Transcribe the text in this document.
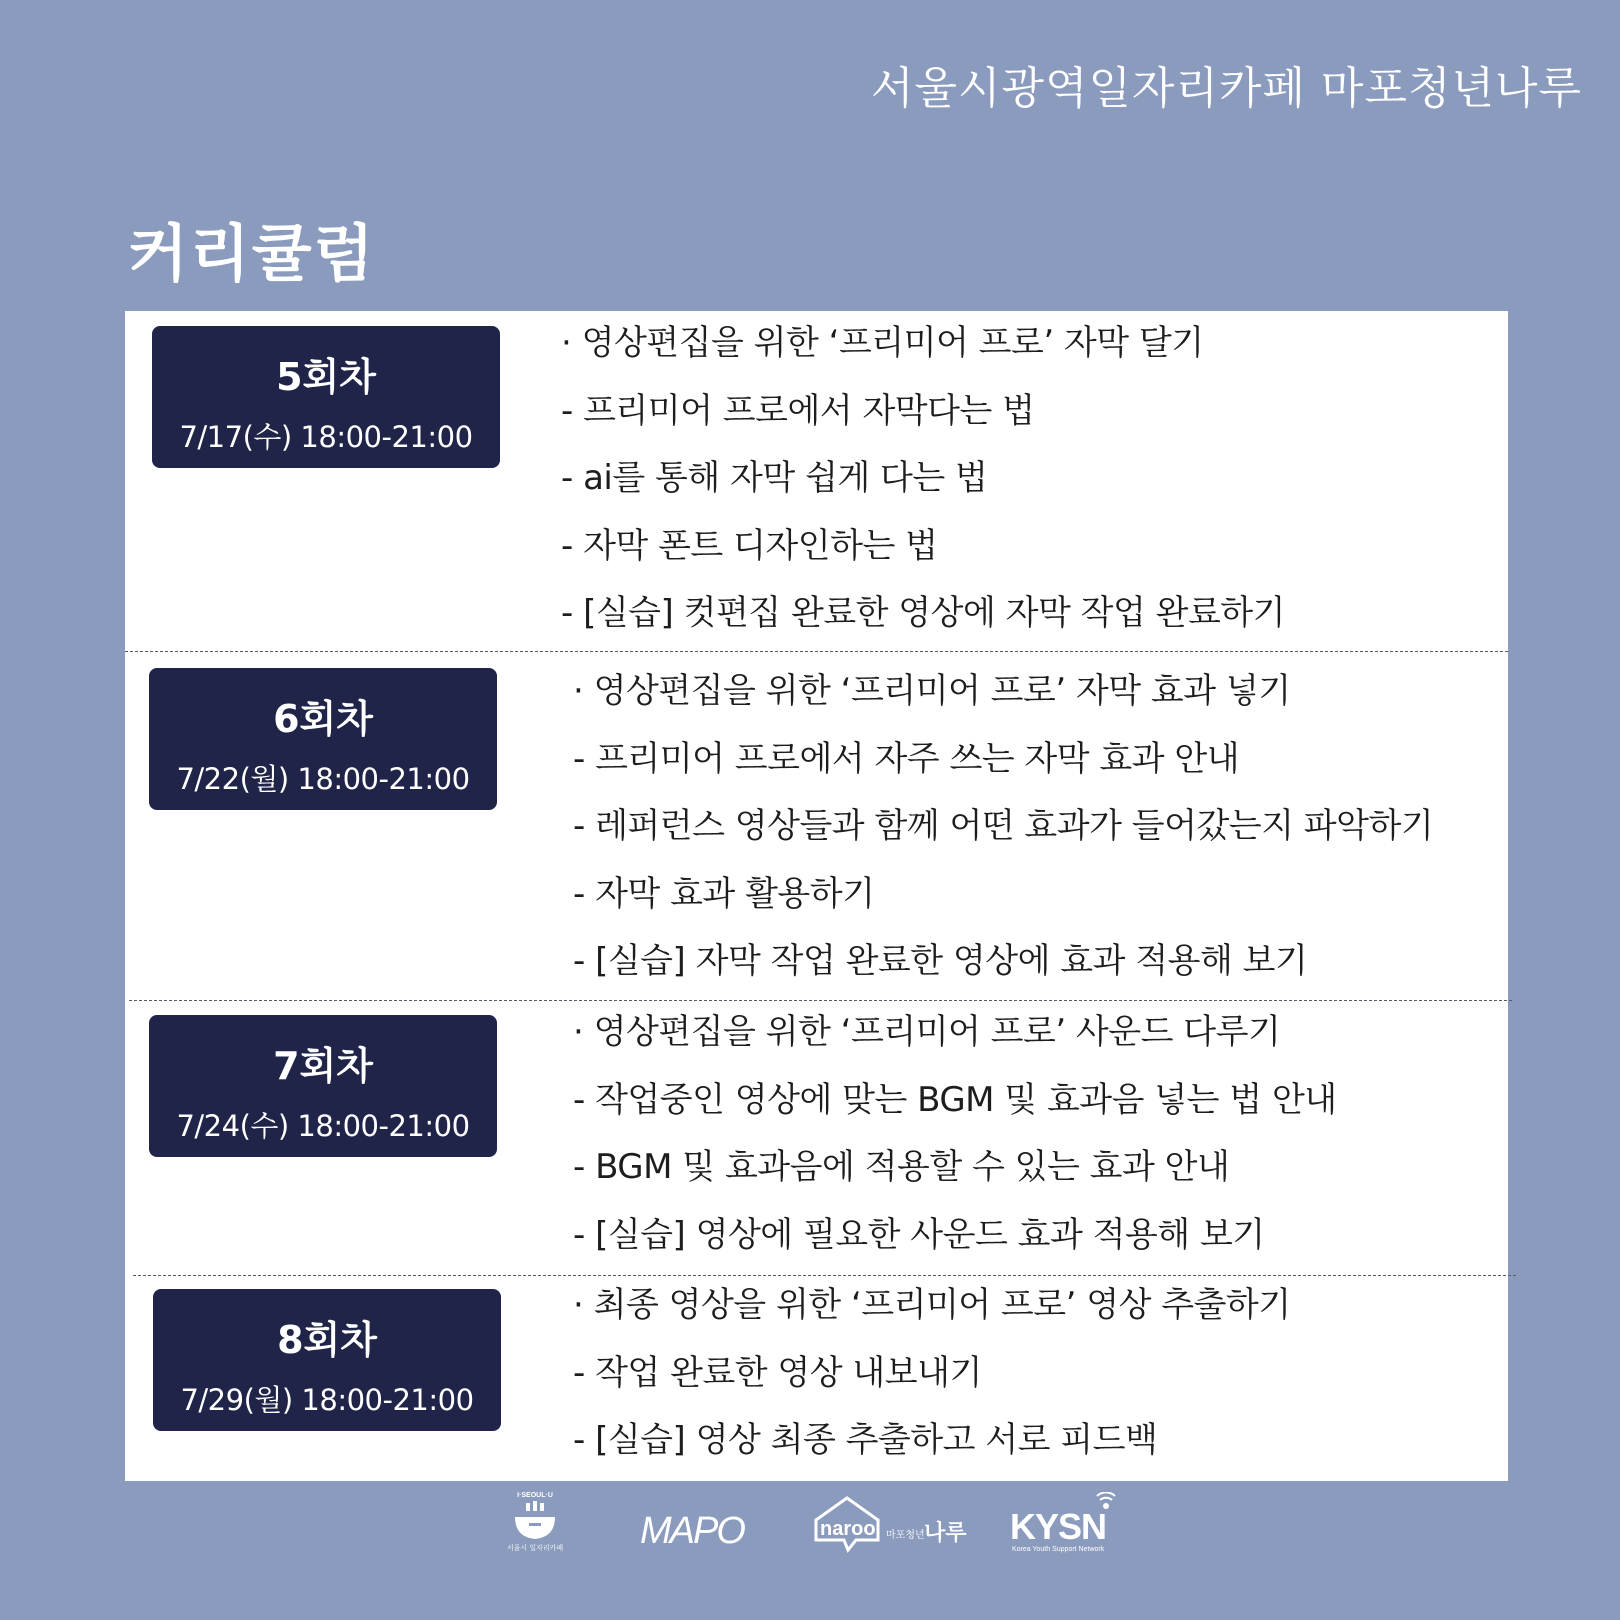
서울시광역일자리카페 마포청년나루
커리큘럼
5회차
7/17(수) 18:00-21:00
· 영상편집을 위한 ‘프리미어 프로’ 자막 달기
- 프리미어 프로에서 자막다는 법
- ai를 통해 자막 쉽게 다는 법
- 자막 폰트 디자인하는 법
- [실습] 컷편집 완료한 영상에 자막 작업 완료하기
6회차
7/22(월) 18:00-21:00
· 영상편집을 위한 ‘프리미어 프로’ 자막 효과 넣기
- 프리미어 프로에서 자주 쓰는 자막 효과 안내
- 레퍼런스 영상들과 함께 어떤 효과가 들어갔는지 파악하기
- 자막 효과 활용하기
- [실습] 자막 작업 완료한 영상에 효과 적용해 보기
7회차
7/24(수) 18:00-21:00
· 영상편집을 위한 ‘프리미어 프로’ 사운드 다루기
- 작업중인 영상에 맞는 BGM 및 효과음 넣는 법 안내
- BGM 및 효과음에 적용할 수 있는 효과 안내
- [실습] 영상에 필요한 사운드 효과 적용해 보기
8회차
7/29(월) 18:00-21:00
· 최종 영상을 위한 ‘프리미어 프로’ 영상 추출하기
- 작업 완료한 영상 내보내기
- [실습] 영상 최종 추출하고 서로 피드백
I·SEOUL·U
서울시 일자리카페 MAPO	naroo 마포청년 나루 KYSN
Korea Youth Support Network
